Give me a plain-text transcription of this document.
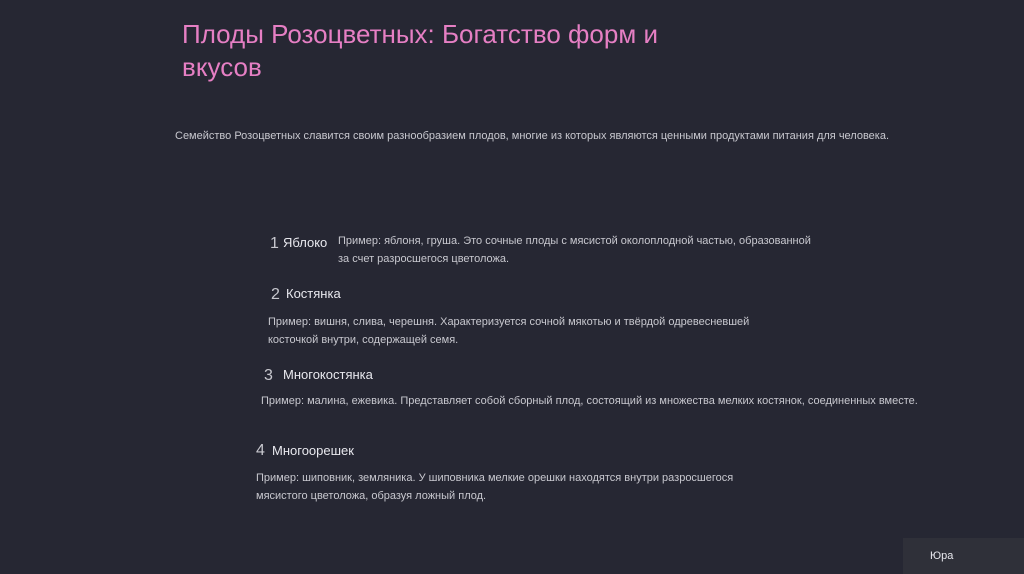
Плоды Розоцветных: Богатство форм и вкусов
Семейство Розоцветных славится своим разнообразием плодов, многие из которых являются ценными продуктами питания для человека.
1 Яблоко Пример: яблоня, груша. Это сочные плоды с мясистой околоплодной частью, образованной
за счет разросшегося цветоложа.
2 Костянка
Пример: вишня, слива, черешня. Характеризуется сочной мякотью и твёрдой одревесневшей
косточкой внутри, содержащей семя.
3 Многокостянка
Пример: малина, ежевика. Представляет собой сборный плод, состоящий из множества мелких костянок, соединенных вместе.
4 Многоорешек
Пример: шиповник, земляника. У шиповника мелкие орешки находятся внутри разросшегося
мясистого цветоложа, образуя ложный плод.
Юра
